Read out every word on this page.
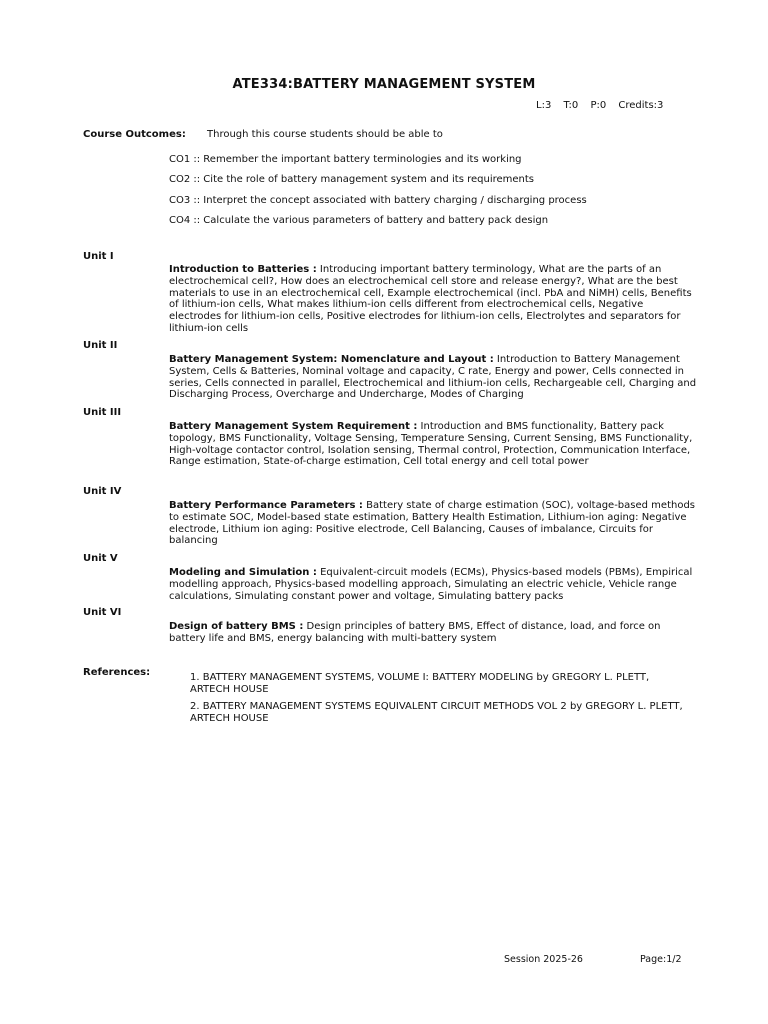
ATE334:BATTERY MANAGEMENT SYSTEM
L:3 T:0 P:0 Credits:3
Course Outcomes: Through this course students should be able to
CO1 :: Remember the important battery terminologies and its working
CO2 :: Cite the role of battery management system and its requirements
CO3 :: Interpret the concept associated with battery charging / discharging process
CO4 :: Calculate the various parameters of battery and battery pack design
Unit I
Introduction to Batteries : Introducing important battery terminology, What are the parts of an electrochemical cell?, How does an electrochemical cell store and release energy?, What are the best materials to use in an electrochemical cell, Example electrochemical (incl. PbA and NiMH) cells, Benefits of lithium-ion cells, What makes lithium-ion cells different from electrochemical cells, Negative electrodes for lithium-ion cells, Positive electrodes for lithium-ion cells, Electrolytes and separators for lithium-ion cells
Unit II
Battery Management System: Nomenclature and Layout : Introduction to Battery Management System, Cells & Batteries, Nominal voltage and capacity, C rate, Energy and power, Cells connected in series, Cells connected in parallel, Electrochemical and lithium-ion cells, Rechargeable cell, Charging and Discharging Process, Overcharge and Undercharge, Modes of Charging
Unit III
Battery Management System Requirement : Introduction and BMS functionality, Battery pack topology, BMS Functionality, Voltage Sensing, Temperature Sensing, Current Sensing, BMS Functionality, High-voltage contactor control, Isolation sensing, Thermal control, Protection, Communication Interface, Range estimation, State-of-charge estimation, Cell total energy and cell total power
Unit IV
Battery Performance Parameters : Battery state of charge estimation (SOC), voltage-based methods to estimate SOC, Model-based state estimation, Battery Health Estimation, Lithium-ion aging: Negative electrode, Lithium ion aging: Positive electrode, Cell Balancing, Causes of imbalance, Circuits for balancing
Unit V
Modeling and Simulation : Equivalent-circuit models (ECMs), Physics-based models (PBMs), Empirical modelling approach, Physics-based modelling approach, Simulating an electric vehicle, Vehicle range calculations, Simulating constant power and voltage, Simulating battery packs
Unit VI
Design of battery BMS : Design principles of battery BMS, Effect of distance, load, and force on battery life and BMS, energy balancing with multi-battery system
References:	1. BATTERY MANAGEMENT SYSTEMS, VOLUME I: BATTERY MODELING by GREGORY L. PLETT, ARTECH HOUSE
2. BATTERY MANAGEMENT SYSTEMS EQUIVALENT CIRCUIT METHODS VOL 2 by GREGORY L. PLETT, ARTECH HOUSE
Session 2025-26	Page:1/2
